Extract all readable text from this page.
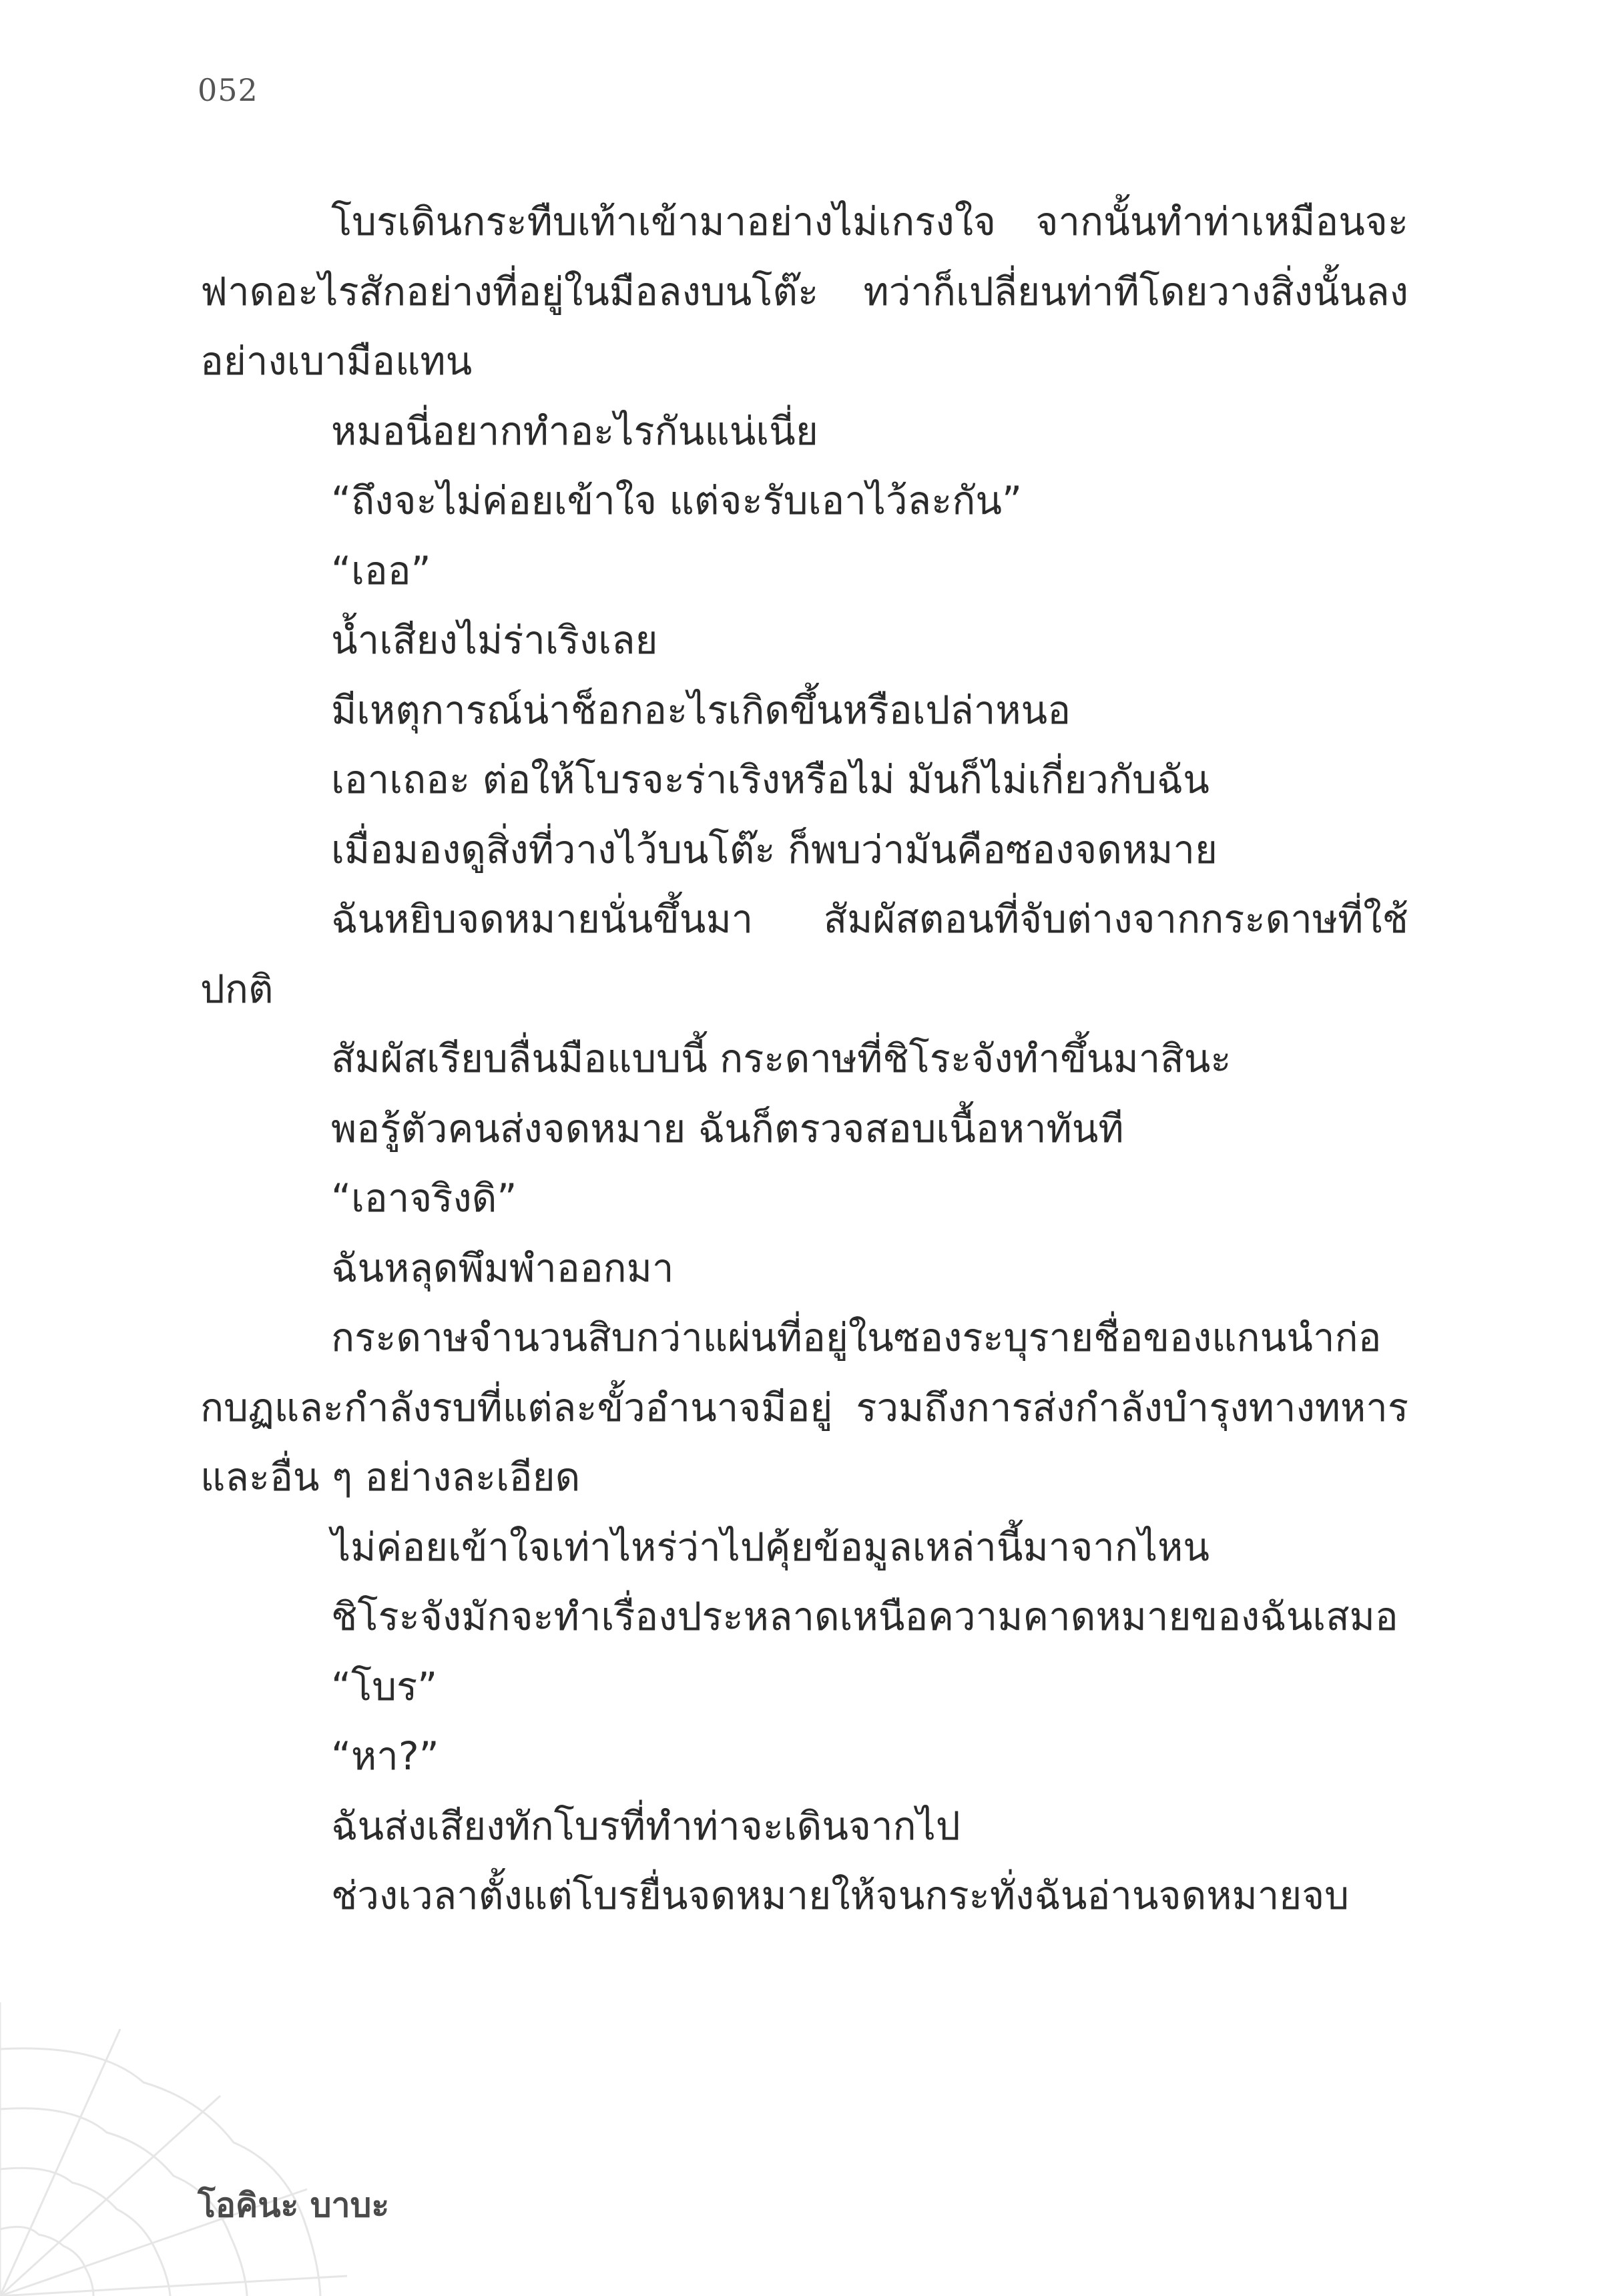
052

โบรเดินกระทืบเท้าเข้ามาอย่างไม่เกรงใจ จากนั้นทำท่าเหมือนจะฟาดอะไรสักอย่างที่อยู่ในมือลงบนโต๊ะ ทว่าก็เปลี่ยนท่าทีโดยวางสิ่งนั้นลงอย่างเบามือแทน

หมอนี่อยากทำอะไรกันแน่เนี่ย

“ถึงจะไม่ค่อยเข้าใจ แต่จะรับเอาไว้ละกัน”

“เออ”

น้ำเสียงไม่ร่าเริงเลย

มีเหตุการณ์น่าช็อกอะไรเกิดขึ้นหรือเปล่าหนอ

เอาเถอะ ต่อให้โบรจะร่าเริงหรือไม่ มันก็ไม่เกี่ยวกับฉัน

เมื่อมองดูสิ่งที่วางไว้บนโต๊ะ ก็พบว่ามันคือซองจดหมาย

ฉันหยิบจดหมายนั่นขึ้นมา สัมผัสตอนที่จับต่างจากกระดาษที่ใช้ปกติ

สัมผัสเรียบลื่นมือแบบนี้ กระดาษที่ชิโระจังทำขึ้นมาสินะ

พอรู้ตัวคนส่งจดหมาย ฉันก็ตรวจสอบเนื้อหาทันที

“เอาจริงดิ”

ฉันหลุดพึมพำออกมา

กระดาษจำนวนสิบกว่าแผ่นที่อยู่ในซองระบุรายชื่อของแกนนำก่อกบฏและกำลังรบที่แต่ละขั้วอำนาจมีอยู่ รวมถึงการส่งกำลังบำรุงทางทหาร และอื่น ๆ อย่างละเอียด

ไม่ค่อยเข้าใจเท่าไหร่ว่าไปคุ้ยข้อมูลเหล่านี้มาจากไหน

ชิโระจังมักจะทำเรื่องประหลาดเหนือความคาดหมายของฉันเสมอ

“โบร”

“หา?”

ฉันส่งเสียงทักโบรที่ทำท่าจะเดินจากไป

ช่วงเวลาตั้งแต่โบรยื่นจดหมายให้จนกระทั่งฉันอ่านจดหมายจบ

โอคินะ บาบะ
